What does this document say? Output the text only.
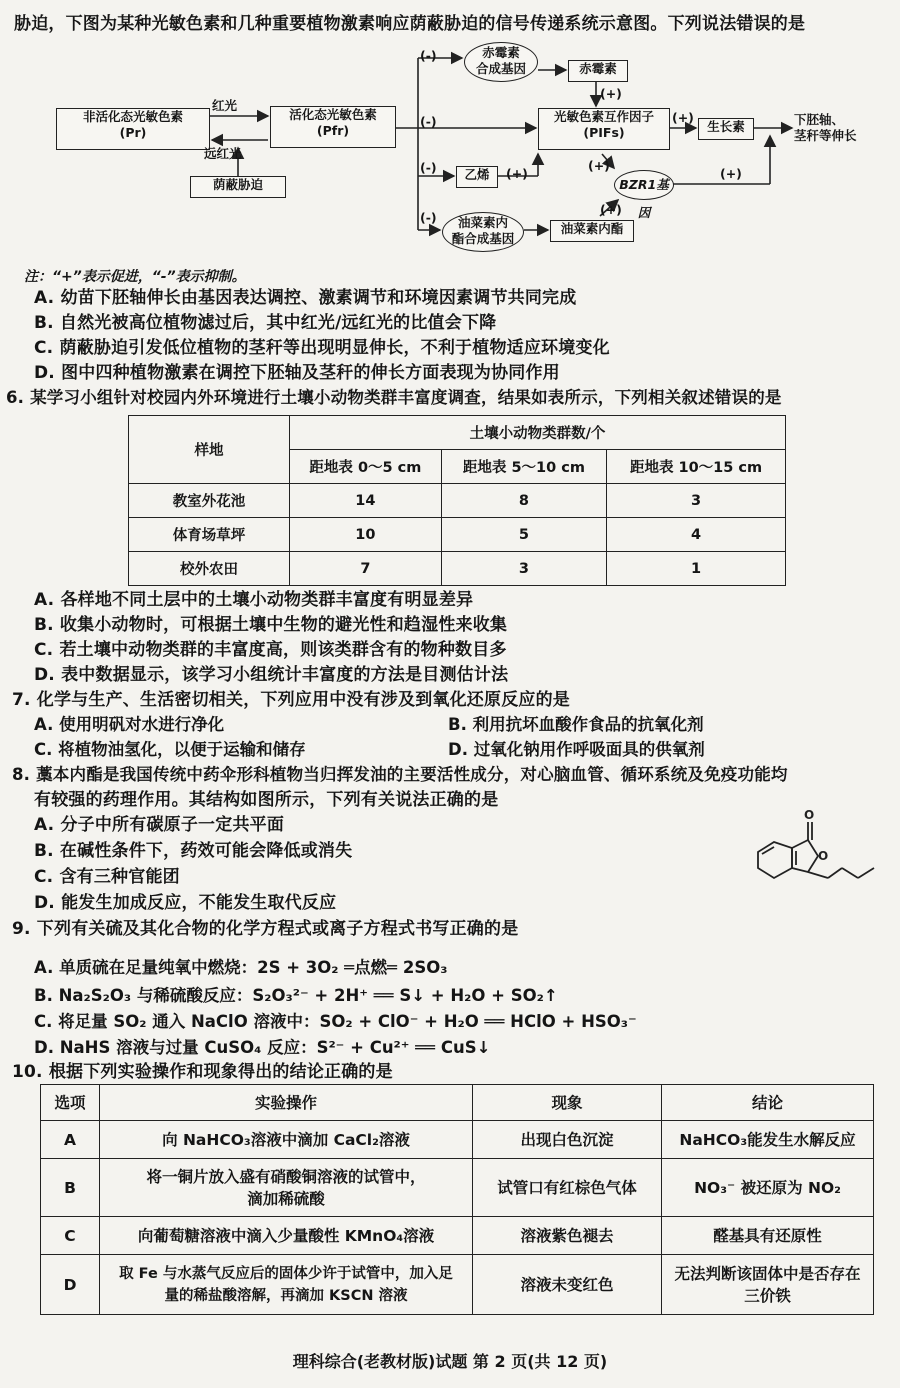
胁迫，下图为某种光敏色素和几种重要植物激素响应荫蔽胁迫的信号传递系统示意图。下列说法错误的是
非活化态光敏色素
(Pr)
红光
远红光
荫蔽胁迫
活化态光敏色素
(Pfr)
(-)
(-)
(-)
(-)
赤霉素
合成基因	赤霉素
(+)
光敏色素互作因子
(PIFs)
(+)
生长素	下胚轴、
茎秆等伸长
乙烯	(+)
(+)
BZR1基因
(+)
油菜素内
酯合成基因
油菜素内酯
(+)
注：“+”表示促进，“-”表示抑制。
A. 幼苗下胚轴伸长由基因表达调控、激素调节和环境因素调节共同完成
B. 自然光被高位植物滤过后，其中红光/远红光的比值会下降
C. 荫蔽胁迫引发低位植物的茎秆等出现明显伸长，不利于植物适应环境变化
D. 图中四种植物激素在调控下胚轴及茎秆的伸长方面表现为协同作用
6. 某学习小组针对校园内外环境进行土壤小动物类群丰富度调查，结果如表所示，下列相关叙述错误的是
样地	土壤小动物类群数/个		
	距地表 0～5 cm	距地表 5～10 cm	距地表 10～15 cm
教室外花池	14	8	3
体育场草坪	10	5	4
校外农田	7	3	1
A. 各样地不同土层中的土壤小动物类群丰富度有明显差异
B. 收集小动物时，可根据土壤中生物的避光性和趋湿性来收集
C. 若土壤中动物类群的丰富度高，则该类群含有的物种数目多
D. 表中数据显示，该学习小组统计丰富度的方法是目测估计法
7. 化学与生产、生活密切相关，下列应用中没有涉及到氧化还原反应的是
A. 使用明矾对水进行净化	B. 利用抗坏血酸作食品的抗氧化剂
C. 将植物油氢化，以便于运输和储存	D. 过氧化钠用作呼吸面具的供氧剂
8. 藁本内酯是我国传统中药伞形科植物当归挥发油的主要活性成分，对心脑血管、循环系统及免疫功能均
有较强的药理作用。其结构如图所示，下列有关说法正确的是
A. 分子中所有碳原子一定共平面
B. 在碱性条件下，药效可能会降低或消失
C. 含有三种官能团
D. 能发生加成反应，不能发生取代反应
O
O
9. 下列有关硫及其化合物的化学方程式或离子方程式书写正确的是
A. 单质硫在足量纯氧中燃烧：2S + 3O₂ ═点燃═ 2SO₃
B. Na₂S₂O₃ 与稀硫酸反应：S₂O₃²⁻ + 2H⁺ ══ S↓ + H₂O + SO₂↑
C. 将足量 SO₂ 通入 NaClO 溶液中：SO₂ + ClO⁻ + H₂O ══ HClO + HSO₃⁻
D. NaHS 溶液与过量 CuSO₄ 反应：S²⁻ + Cu²⁺ ══ CuS↓
10. 根据下列实验操作和现象得出的结论正确的是
选项	实验操作	现象	结论
A	向 NaHCO₃溶液中滴加 CaCl₂溶液	出现白色沉淀	NaHCO₃能发生水解反应
B	将一铜片放入盛有硝酸铜溶液的试管中，滴加稀硫酸	试管口有红棕色气体	NO₃⁻ 被还原为 NO₂
C	向葡萄糖溶液中滴入少量酸性 KMnO₄溶液	溶液紫色褪去	醛基具有还原性
D	取 Fe 与水蒸气反应后的固体少许于试管中，加入足量的稀盐酸溶解，再滴加 KSCN 溶液	溶液未变红色	无法判断该固体中是否存在三价铁
理科综合(老教材版)试题 第 2 页(共 12 页)
